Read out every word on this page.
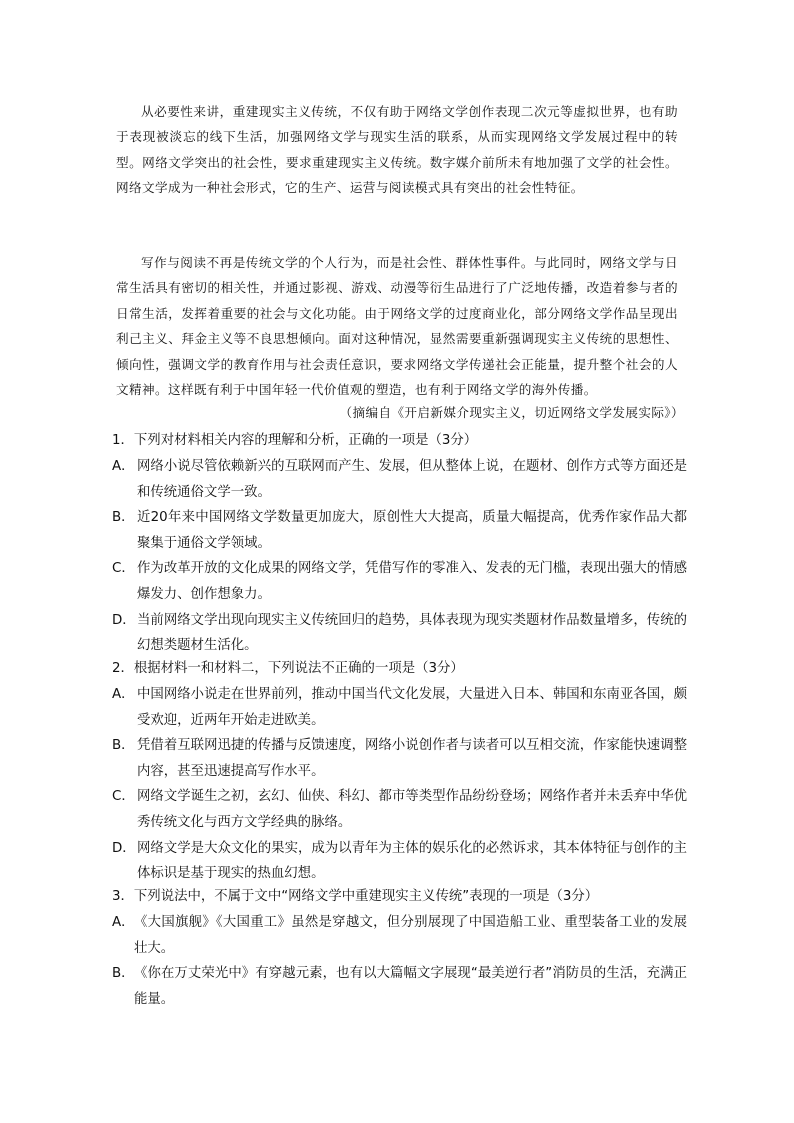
从必要性来讲，重建现实主义传统，不仅有助于网络文学创作表现二次元等虚拟世界，也有助于表现被淡忘的线下生活，加强网络文学与现实生活的联系，从而实现网络文学发展过程中的转型。网络文学突出的社会性，要求重建现实主义传统。数字媒介前所未有地加强了文学的社会性。网络文学成为一种社会形式，它的生产、运营与阅读模式具有突出的社会性特征。
写作与阅读不再是传统文学的个人行为，而是社会性、群体性事件。与此同时，网络文学与日常生活具有密切的相关性，并通过影视、游戏、动漫等衍生品进行了广泛地传播，改造着参与者的日常生活，发挥着重要的社会与文化功能。由于网络文学的过度商业化，部分网络文学作品呈现出利己主义、拜金主义等不良思想倾向。面对这种情况，显然需要重新强调现实主义传统的思想性、倾向性，强调文学的教育作用与社会责任意识，要求网络文学传递社会正能量，提升整个社会的人文精神。这样既有利于中国年轻一代价值观的塑造，也有利于网络文学的海外传播。
（摘编自《开启新媒介现实主义，切近网络文学发展实际》）
1．下列对材料相关内容的理解和分析，正确的一项是（3分）
A． 网络小说尽管依赖新兴的互联网而产生、发展，但从整体上说，在题材、创作方式等方面还是和传统通俗文学一致。
B． 近20年来中国网络文学数量更加庞大，原创性大大提高，质量大幅提高，优秀作家作品大都聚集于通俗文学领域。
C． 作为改革开放的文化成果的网络文学，凭借写作的零准入、发表的无门槛，表现出强大的情感爆发力、创作想象力。
D． 当前网络文学出现向现实主义传统回归的趋势，具体表现为现实类题材作品数量增多，传统的幻想类题材生活化。
2．根据材料一和材料二，下列说法不正确的一项是（3分）
A． 中国网络小说走在世界前列，推动中国当代文化发展，大量进入日本、韩国和东南亚各国，颇受欢迎，近两年开始走进欧美。
B． 凭借着互联网迅捷的传播与反馈速度，网络小说创作者与读者可以互相交流，作家能快速调整内容，甚至迅速提高写作水平。
C． 网络文学诞生之初，玄幻、仙侠、科幻、都市等类型作品纷纷登场；网络作者并未丢弃中华优秀传统文化与西方文学经典的脉络。
D． 网络文学是大众文化的果实，成为以青年为主体的娱乐化的必然诉求，其本体特征与创作的主体标识是基于现实的热血幻想。
3．下列说法中，不属于文中“网络文学中重建现实主义传统”表现的一项是（3分）
A． 《大国旗舰》《大国重工》虽然是穿越文，但分别展现了中国造船工业、重型装备工业的发展壮大。
B． 《你在万丈荣光中》有穿越元素，也有以大篇幅文字展现“最美逆行者”消防员的生活，充满正能量。
